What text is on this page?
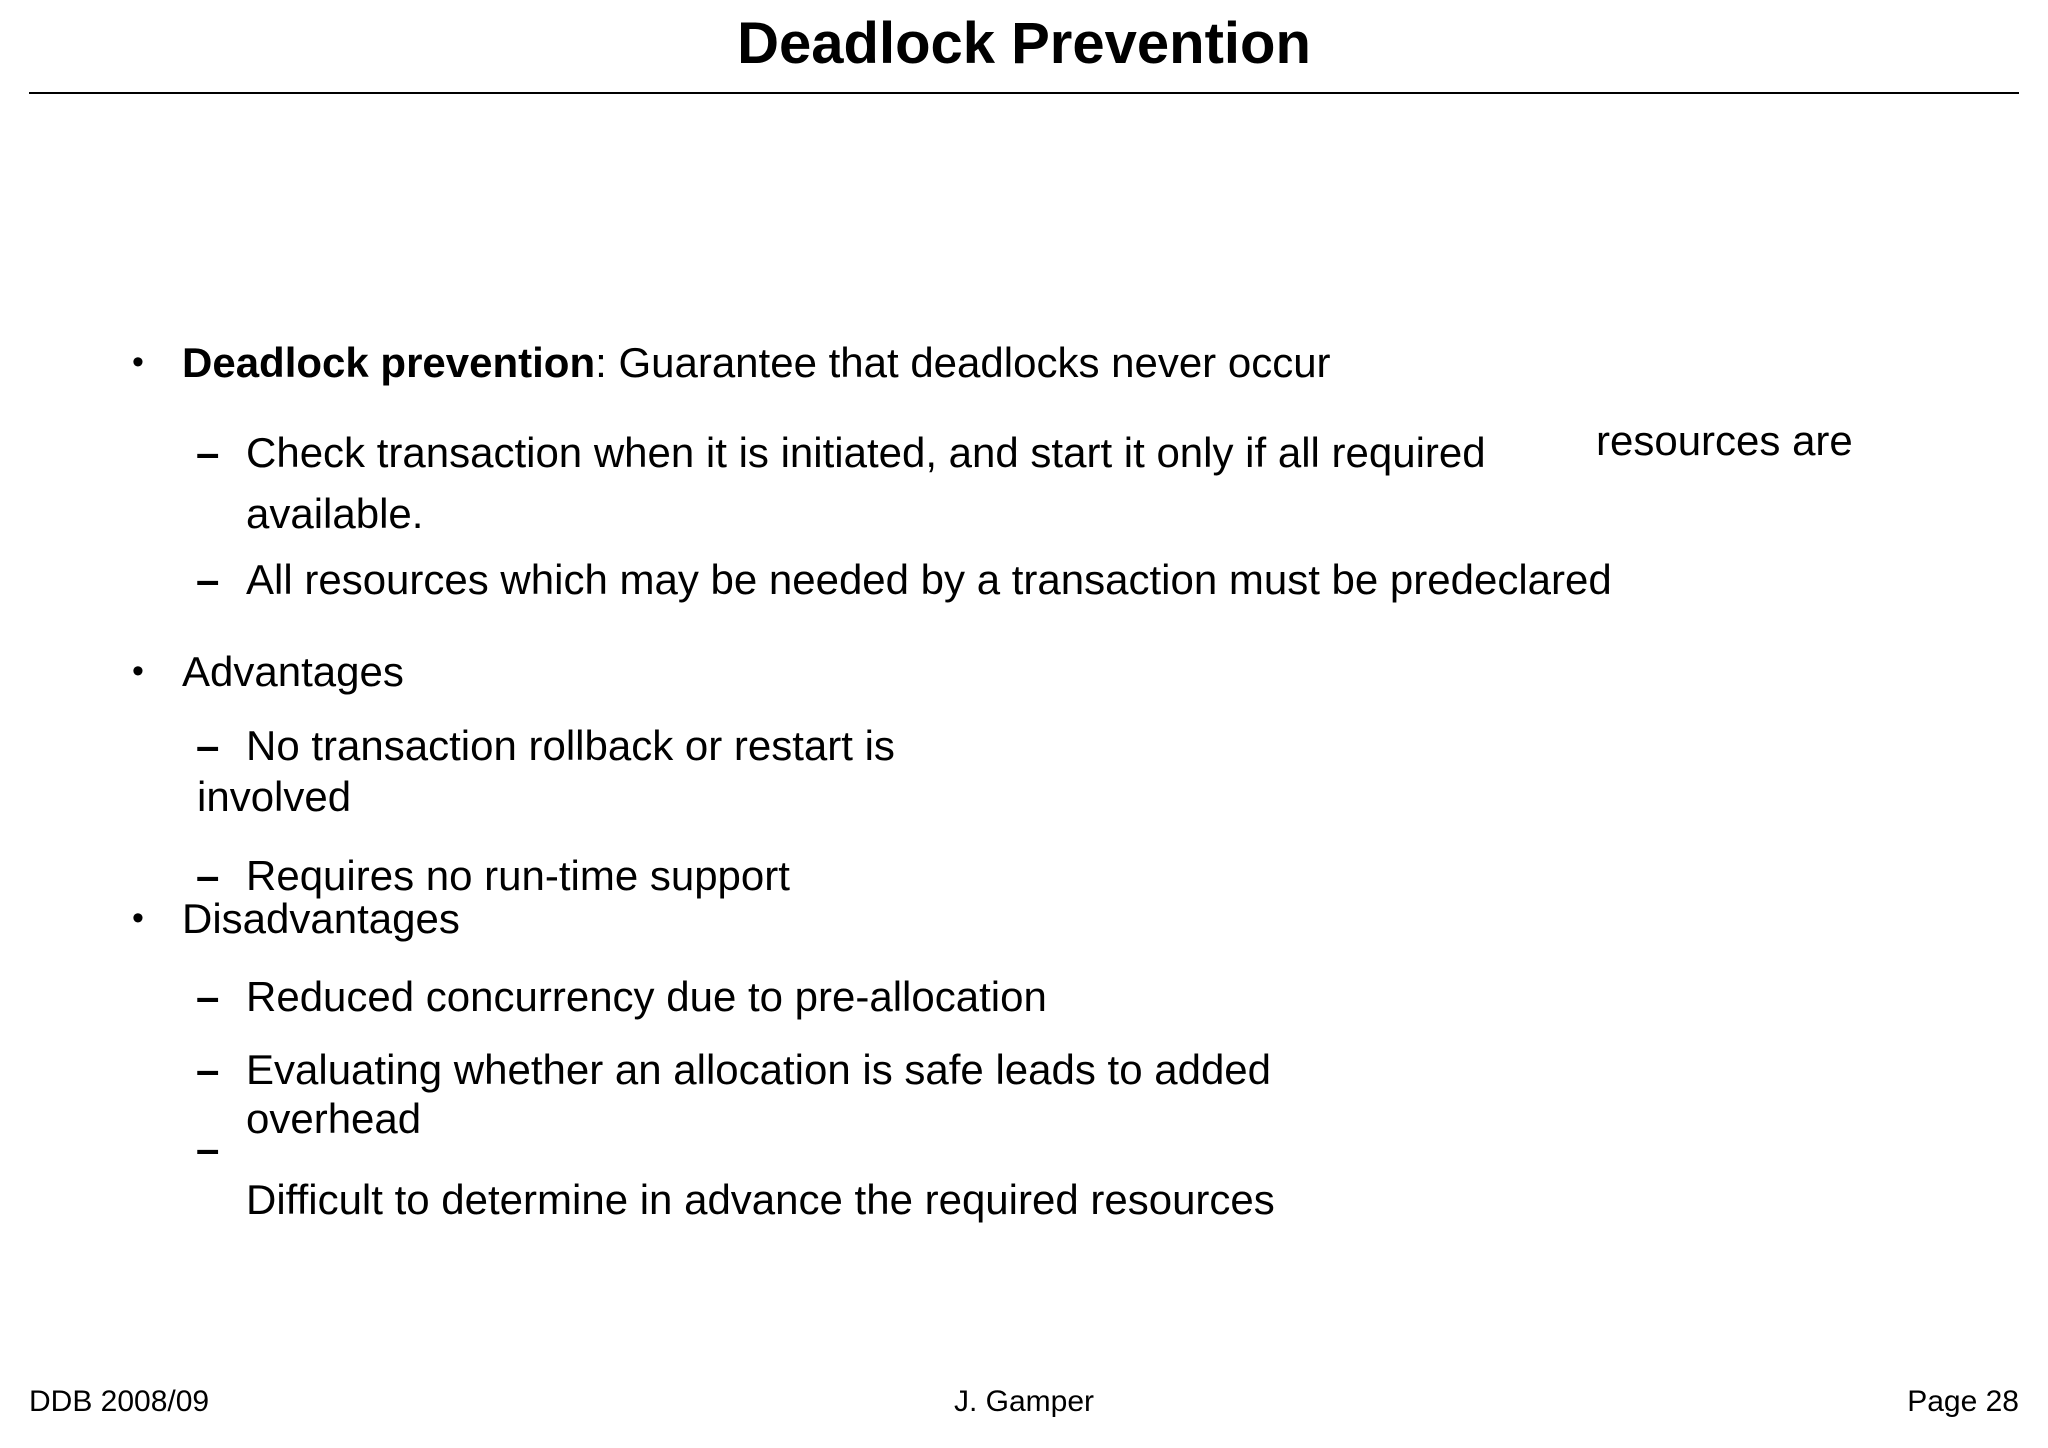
Deadlock Prevention
• Deadlock prevention: Guarantee that deadlocks never occur
– Check transaction when it is initiated, and start it only if all required	resources are
available.
– All resources which may be needed by a transaction must be predeclared
• Advantages
– No transaction rollback or restart is
involved
– Requires no run-time support
• Disadvantages
– Reduced concurrency due to pre-allocation
– Evaluating whether an allocation is safe leads to added
overhead
–
Difficult to determine in advance the required resources
DDB 2008/09	J. Gamper	Page 28
